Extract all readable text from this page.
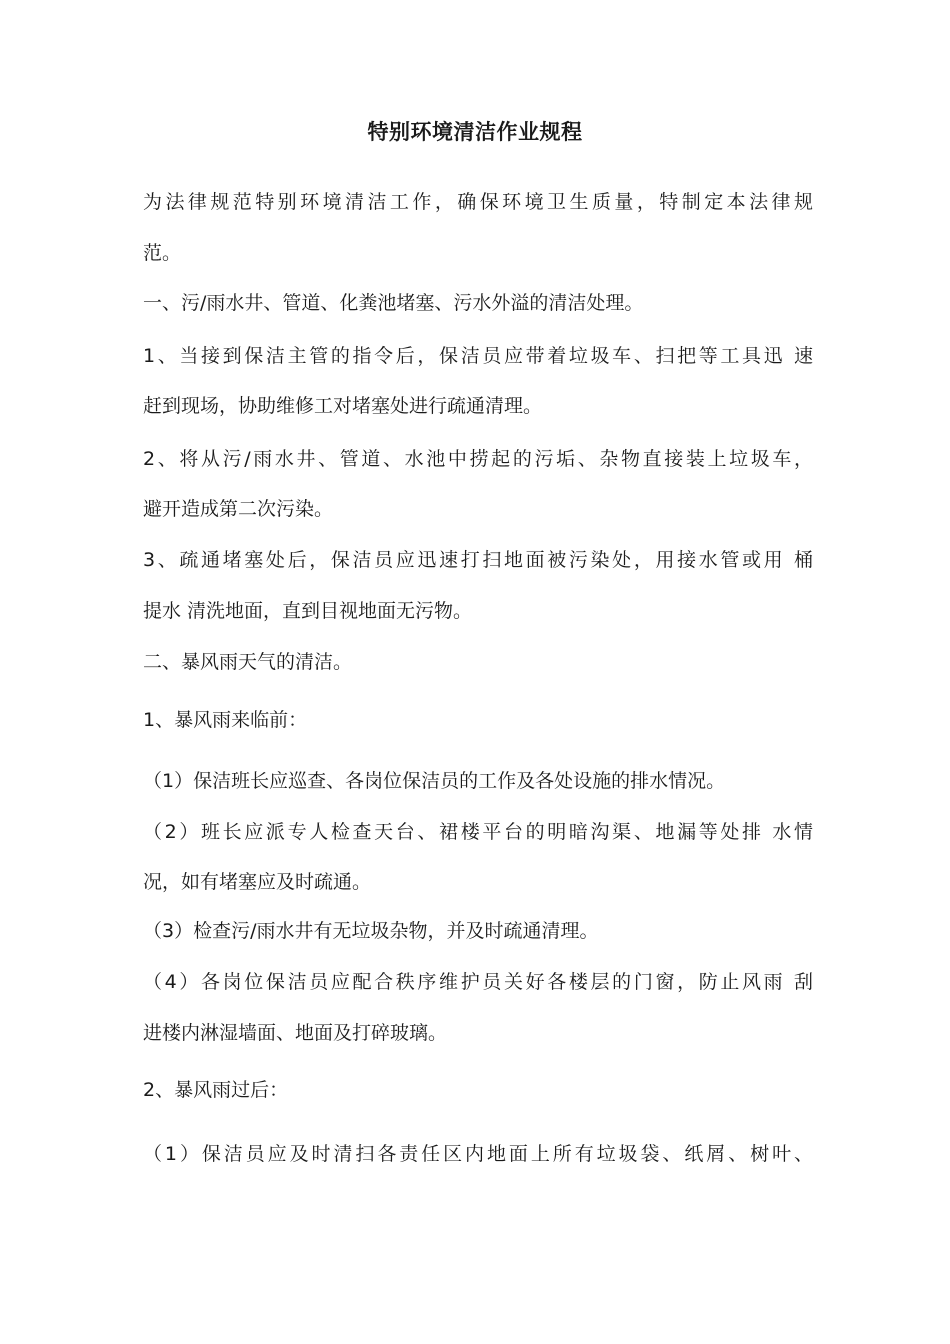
特别环境清洁作业规程
为法律规范特别环境清洁工作，确保环境卫生质量，特制定本法律规
范。
一、污/雨水井、管道、化粪池堵塞、污水外溢的清洁处理。
1、当接到保洁主管的指令后，保洁员应带着垃圾车、扫把等工具迅 速
赶到现场，协助维修工对堵塞处进行疏通清理。
2、将从污/雨水井、管道、水池中捞起的污垢、杂物直接装上垃圾车，
避开造成第二次污染。
3、疏通堵塞处后，保洁员应迅速打扫地面被污染处，用接水管或用 桶
提水 清洗地面，直到目视地面无污物。
二、暴风雨天气的清洁。
1、暴风雨来临前：
（1）保洁班长应巡查、各岗位保洁员的工作及各处设施的排水情况。
（2）班长应派专人检查天台、裙楼平台的明暗沟渠、地漏等处排 水情
况，如有堵塞应及时疏通。
（3）检查污/雨水井有无垃圾杂物，并及时疏通清理。
（4）各岗位保洁员应配合秩序维护员关好各楼层的门窗，防止风雨 刮
进楼内淋湿墙面、地面及打碎玻璃。
2、暴风雨过后：
（1）保洁员应及时清扫各责任区内地面上所有垃圾袋、纸屑、树叶、
